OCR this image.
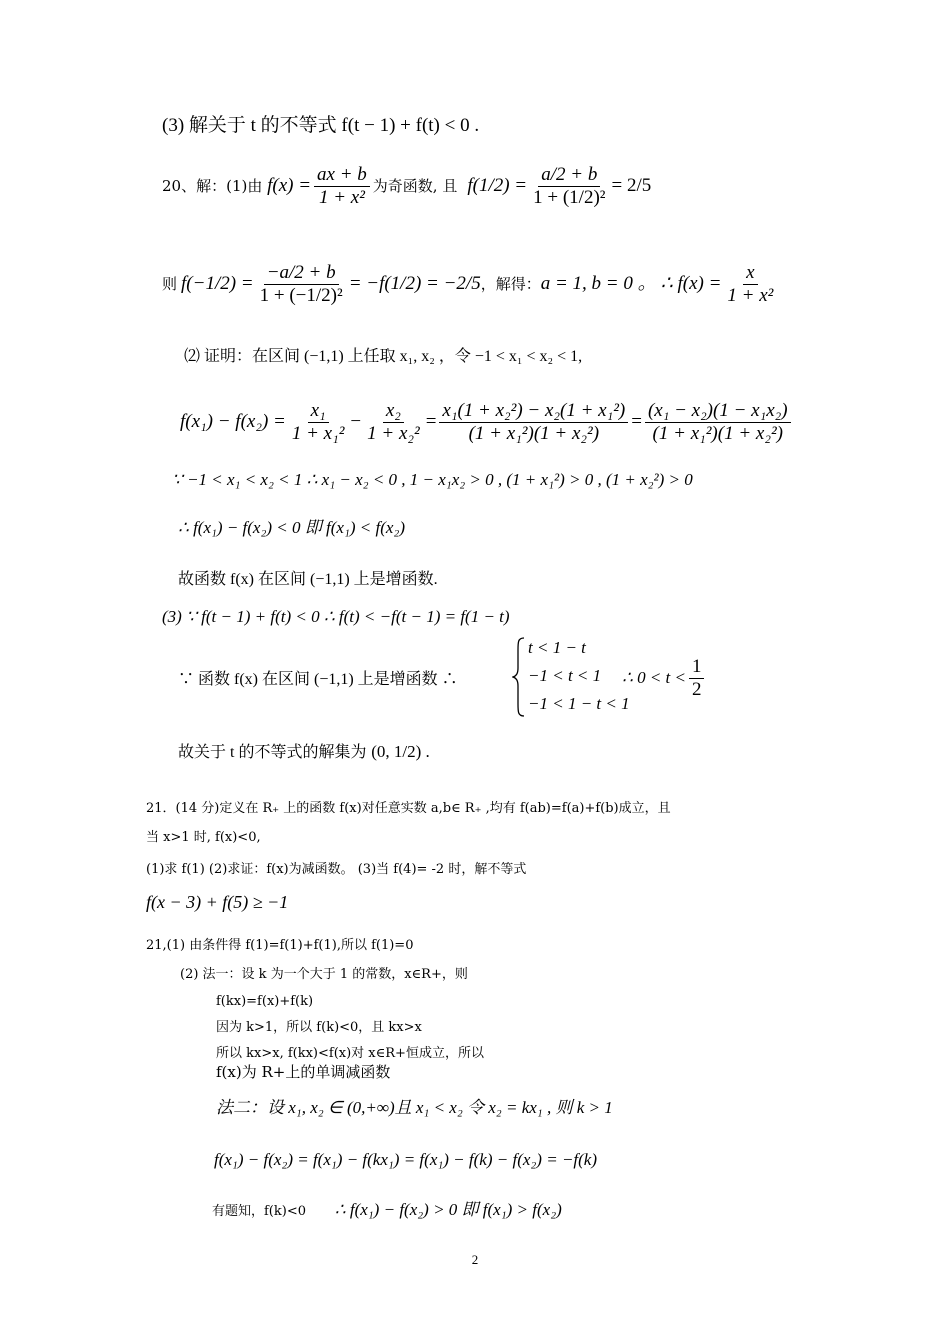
(3) 解关于 t 的不等式 f(t − 1) + f(t) < 0 .
20、解：(1)由 $f(x) = \frac{ax + b}{\text{1 + x²}}$ 为奇函数, 且 $f(1/2) = \frac{a/2 + b}{\text{1 + (1/2)²}} = 2/5$
则 $f(-1/2) = \frac{-a/2 + b}{\text{1 + (−1/2)²}} = -f(1/2) = -2/5$ ，解得： a = 1, b = 0 。 ∴ $f(x) = \frac{x}{\text{1 + x²}}$
⑵ 证明：在区间 (−1,1) 上任取 x₁, x₂ ，令 −1 < x₁ < x₂ < 1,
$f(x_1) - f(x_2) = \frac{\text{x₁}}{\text{1 + x₁²}} - \frac{\text{x₂}}{\text{1 + x₂²}} = \frac{\text{x₁(1 + x₂²) − x₂(1 + x₁²)}}{\text{(1 + x₁²)(1 + x₂²)}} = \frac{\text{(x₁ − x₂)(1 − x₁x₂)}}{\text{(1 + x₁²)(1 + x₂²)}}$
∵ −1 < x₁ < x₂ < 1 ∴ x₁ − x₂ < 0 , 1 − x₁x₂ > 0 , (1 + x₁²) > 0 , (1 + x₂²) > 0
∴ f(x₁) − f(x₂) < 0 即 f(x₁) < f(x₂)
故函数 f(x) 在区间 (−1,1) 上是增函数.
(3) ∵ f(t − 1) + f(t) < 0 ∴ f(t) < −f(t − 1) = f(1 − t)
∵ 函数 f(x) 在区间 (−1,1) 上是增函数 ∴
t < 1 − t
−1 < t < 1
−1 < 1 − t < 1
∴ $0 < t < \frac{1}{2}$
故关于 t 的不等式的解集为 (0, 1/2) .
21．(14 分)定义在 R₊ 上的函数 f(x)对任意实数 a,b∈ R₊ ,均有 f(ab)=f(a)+f(b)成立，且
当 x>1 时, f(x)<0,
(1)求 f(1) (2)求证：f(x)为减函数。 (3)当 f(4)= -2 时，解不等式
f(x − 3) + f(5) ≥ −1
21,(1) 由条件得 f(1)=f(1)+f(1),所以 f(1)=0
(2) 法一：设 k 为一个大于 1 的常数，x∈R+，则
f(kx)=f(x)+f(k)
因为 k>1，所以 f(k)<0，且 kx>x
所以 kx>x, f(kx)<f(x)对 x∈R+恒成立，所以
f(x)为 R+上的单调减函数
法二：设 x₁, x₂ ∈ (0,+∞)且 x₁ < x₂ 令 x₂ = kx₁ , 则 k > 1
f(x₁) − f(x₂) = f(x₁) − f(kx₁) = f(x₁) − f(k) − f(x₂) = −f(k)
有题知，f(k)<0 ∴ f(x₁) − f(x₂) > 0 即 f(x₁) > f(x₂)
2
